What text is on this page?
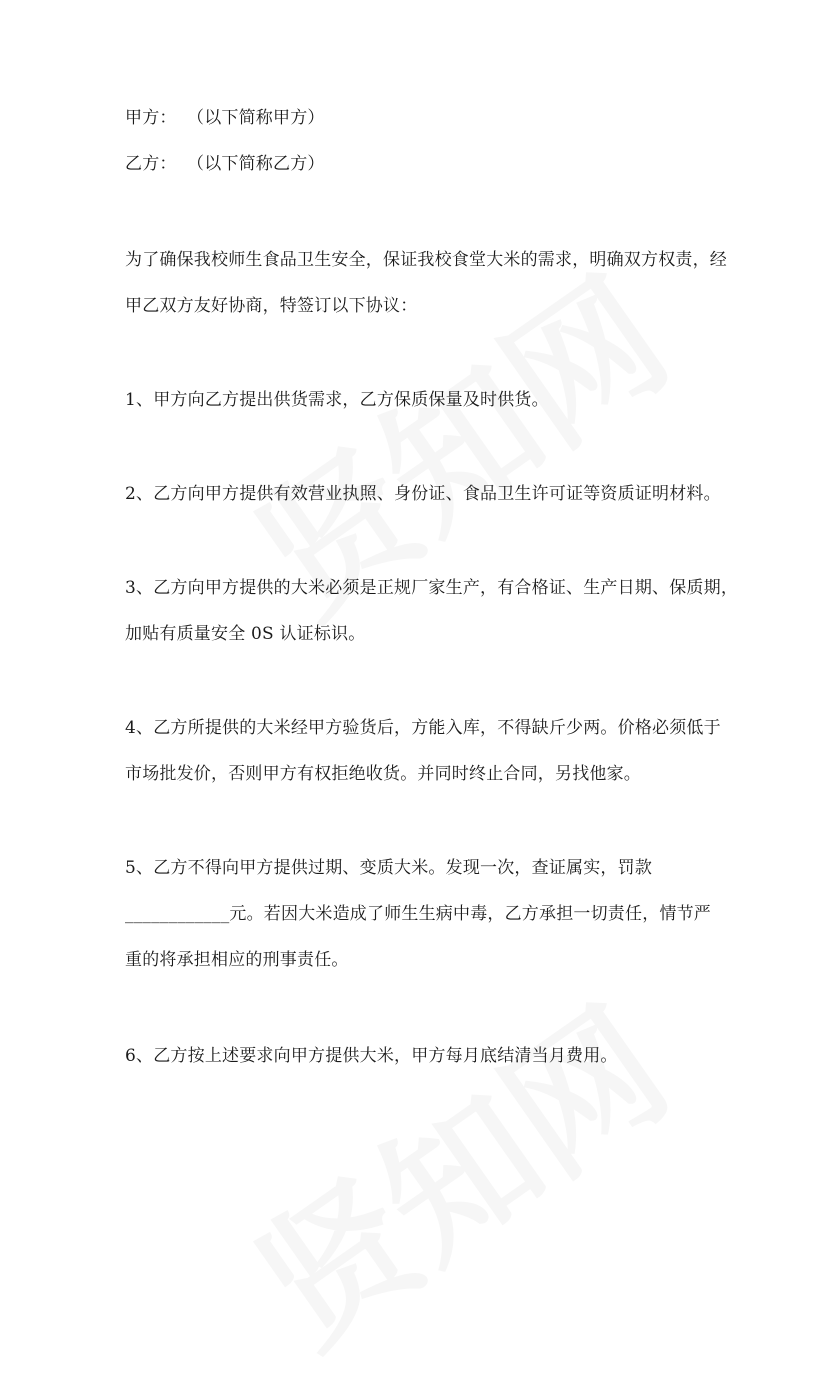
甲方： （以下简称甲方）
乙方： （以下简称乙方）
为了确保我校师生食品卫生安全，保证我校食堂大米的需求，明确双方权责，经
甲乙双方友好协商，特签订以下协议：
1、甲方向乙方提出供货需求，乙方保质保量及时供货。
2、乙方向甲方提供有效营业执照、身份证、食品卫生许可证等资质证明材料。
3、乙方向甲方提供的大米必须是正规厂家生产，有合格证、生产日期、保质期，
加贴有质量安全 0S 认证标识。
4、乙方所提供的大米经甲方验货后，方能入库，不得缺斤少两。价格必须低于
市场批发价，否则甲方有权拒绝收货。并同时终止合同，另找他家。
5、乙方不得向甲方提供过期、变质大米。发现一次，查证属实，罚款
____________元。若因大米造成了师生生病中毒，乙方承担一切责任，情节严
重的将承担相应的刑事责任。
6、乙方按上述要求向甲方提供大米，甲方每月底结清当月费用。
